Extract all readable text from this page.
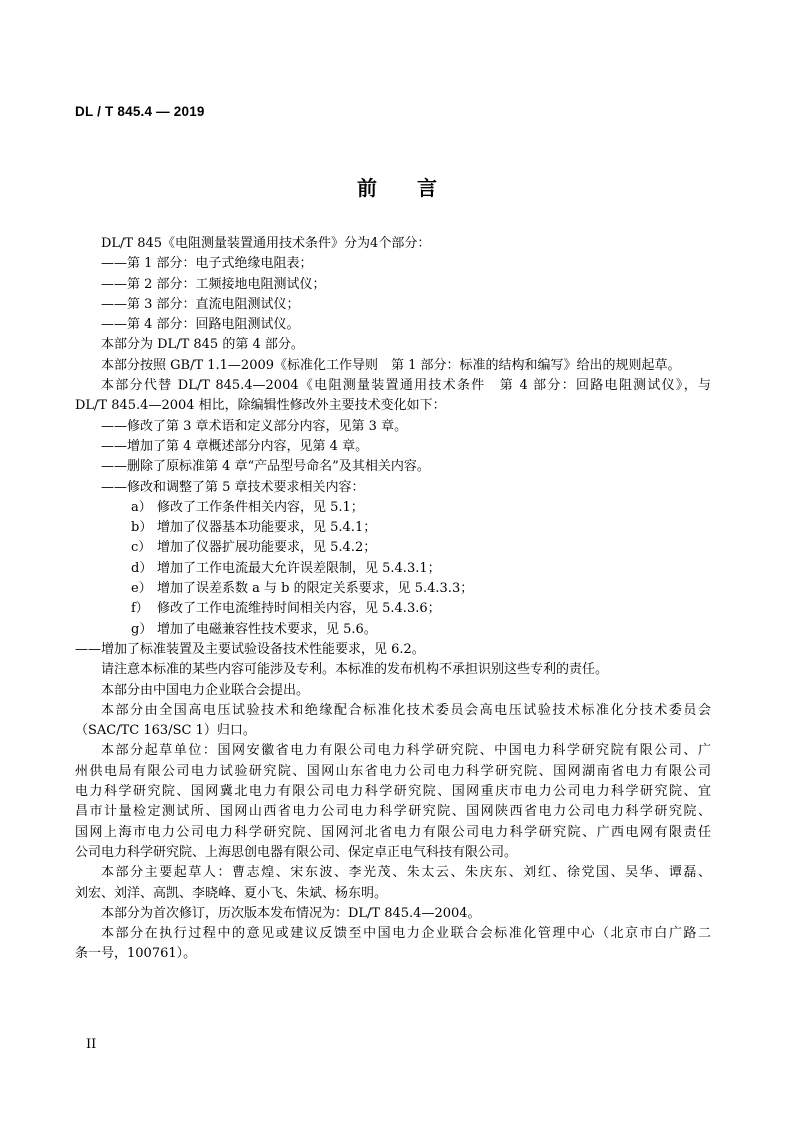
DL / T 845.4 — 2019
前言

DL/T 845《电阻测量装置通用技术条件》分为4个部分：

——第 1 部分：电子式绝缘电阻表；

——第 2 部分：工频接地电阻测试仪；

——第 3 部分：直流电阻测试仪；

——第 4 部分：回路电阻测试仪。

本部分为 DL/T 845 的第 4 部分。

本部分按照 GB/T 1.1—2009《标准化工作导则　第 1 部分：标准的结构和编写》给出的规则起草。

本部分代替 DL/T 845.4—2004《电阻测量装置通用技术条件　第 4 部分：回路电阻测试仪》，与

DL/T 845.4—2004 相比，除编辑性修改外主要技术变化如下：

——修改了第 3 章术语和定义部分内容，见第 3 章。

——增加了第 4 章概述部分内容，见第 4 章。

——删除了原标准第 4 章“产品型号命名”及其相关内容。

——修改和调整了第 5 章技术要求相关内容：

a） 修改了工作条件相关内容，见 5.1；

b） 增加了仪器基本功能要求，见 5.4.1；

c） 增加了仪器扩展功能要求，见 5.4.2；

d） 增加了工作电流最大允许误差限制，见 5.4.3.1；

e） 增加了误差系数 a 与 b 的限定关系要求，见 5.4.3.3；

f） 修改了工作电流维持时间相关内容，见 5.4.3.6；

g） 增加了电磁兼容性技术要求，见 5.6。

——增加了标准装置及主要试验设备技术性能要求，见 6.2。

请注意本标准的某些内容可能涉及专利。本标准的发布机构不承担识别这些专利的责任。

本部分由中国电力企业联合会提出。

本部分由全国高电压试验技术和绝缘配合标准化技术委员会高电压试验技术标准化分技术委员会

（SAC/TC 163/SC 1）归口。

本部分起草单位：国网安徽省电力有限公司电力科学研究院、中国电力科学研究院有限公司、广

州供电局有限公司电力试验研究院、国网山东省电力公司电力科学研究院、国网湖南省电力有限公司

电力科学研究院、国网冀北电力有限公司电力科学研究院、国网重庆市电力公司电力科学研究院、宜

昌市计量检定测试所、国网山西省电力公司电力科学研究院、国网陕西省电力公司电力科学研究院、

国网上海市电力公司电力科学研究院、国网河北省电力有限公司电力科学研究院、广西电网有限责任

公司电力科学研究院、上海思创电器有限公司、保定卓正电气科技有限公司。

本部分主要起草人：曹志煌、宋东波、李光茂、朱太云、朱庆东、刘红、徐党国、吴华、谭磊、

刘宏、刘洋、高凯、李晓峰、夏小飞、朱斌、杨东明。

本部分为首次修订，历次版本发布情况为：DL/T 845.4—2004。

本部分在执行过程中的意见或建议反馈至中国电力企业联合会标准化管理中心（北京市白广路二

条一号，100761）。

II
